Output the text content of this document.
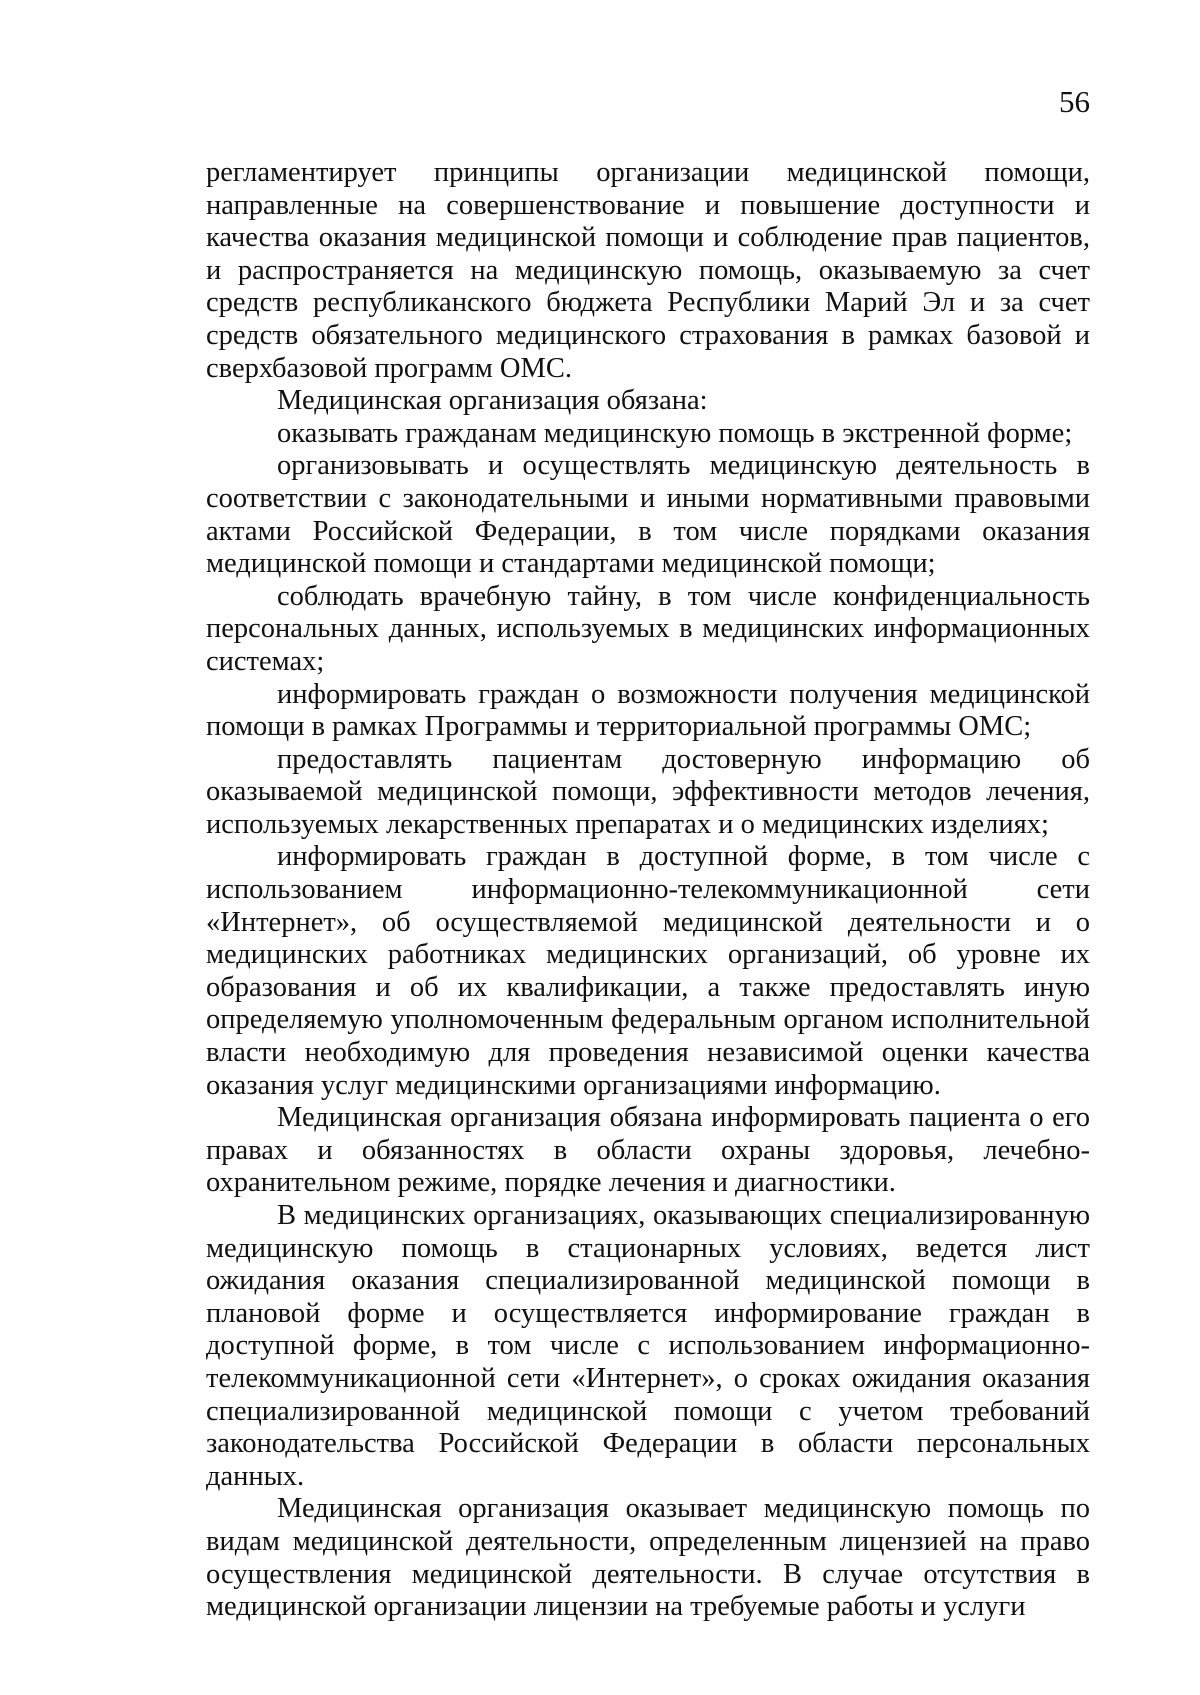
56

регламентирует принципы организации медицинской помощи, направленные на совершенствование и повышение доступности и качества оказания медицинской помощи и соблюдение прав пациентов, и распространяется на медицинскую помощь, оказываемую за счет средств республиканского бюджета Республики Марий Эл и за счет средств обязательного медицинского страхования в рамках базовой и сверхбазовой программ ОМС.

Медицинская организация обязана:

оказывать гражданам медицинскую помощь в экстренной форме;

организовывать и осуществлять медицинскую деятельность в соответствии с законодательными и иными нормативными правовыми актами Российской Федерации, в том числе порядками оказания медицинской помощи и стандартами медицинской помощи;

соблюдать врачебную тайну, в том числе конфиденциальность персональных данных, используемых в медицинских информационных системах;

информировать граждан о возможности получения медицинской помощи в рамках Программы и территориальной программы ОМС;

предоставлять пациентам достоверную информацию об оказываемой медицинской помощи, эффективности методов лечения, используемых лекарственных препаратах и о медицинских изделиях;

информировать граждан в доступной форме, в том числе с использованием информационно-телекоммуникационной сети «Интернет», об осуществляемой медицинской деятельности и о медицинских работниках медицинских организаций, об уровне их образования и об их квалификации, а также предоставлять иную определяемую уполномоченным федеральным органом исполнительной власти необходимую для проведения независимой оценки качества оказания услуг медицинскими организациями информацию.

Медицинская организация обязана информировать пациента о его правах и обязанностях в области охраны здоровья, лечебно-охранительном режиме, порядке лечения и диагностики.

В медицинских организациях, оказывающих специализированную медицинскую помощь в стационарных условиях, ведется лист ожидания оказания специализированной медицинской помощи в плановой форме и осуществляется информирование граждан в доступной форме, в том числе с использованием информационно-телекоммуникационной сети «Интернет», о сроках ожидания оказания специализированной медицинской помощи с учетом требований законодательства Российской Федерации в области персональных данных.

Медицинская организация оказывает медицинскую помощь по видам медицинской деятельности, определенным лицензией на право осуществления медицинской деятельности. В случае отсутствия в медицинской организации лицензии на требуемые работы и услуги
